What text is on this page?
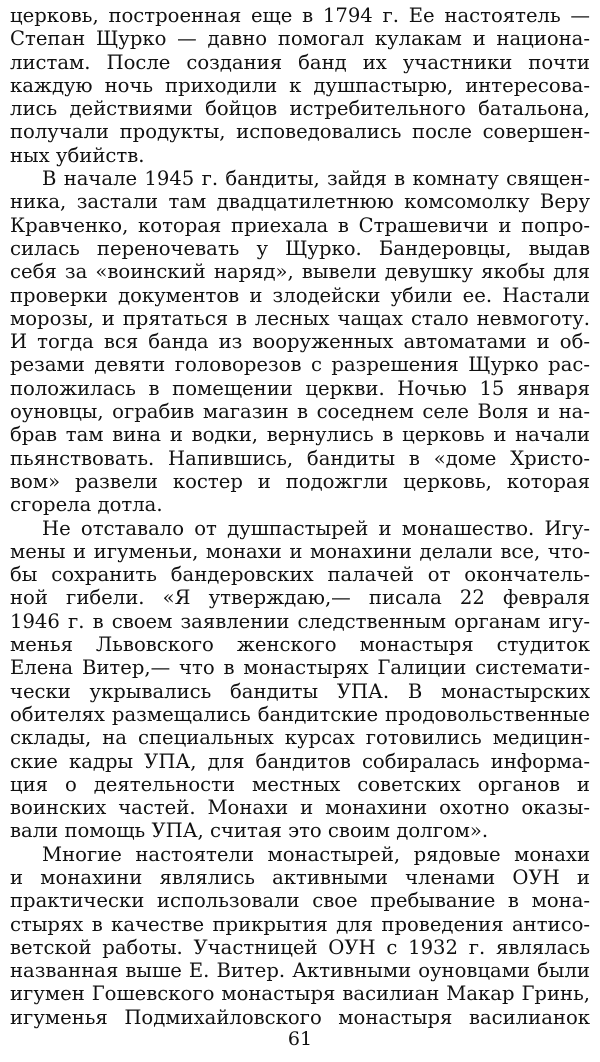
церковь, построенная еще в 1794 г. Ее настоятель —
Степан Щурко — давно помогал кулакам и национа-
листам. После создания банд их участники почти
каждую ночь приходили к душпастырю, интересова-
лись действиями бойцов истребительного батальона,
получали продукты, исповедовались после совершен-
ных убийств.
В начале 1945 г. бандиты, зайдя в комнату священ-
ника, застали там двадцатилетнюю комсомолку Веру
Кравченко, которая приехала в Страшевичи и попро-
силась переночевать у Щурко. Бандеровцы, выдав
себя за «воинский наряд», вывели девушку якобы для
проверки документов и злодейски убили ее. Настали
морозы, и прятаться в лесных чащах стало невмоготу.
И тогда вся банда из вооруженных автоматами и об-
резами девяти головорезов с разрешения Щурко рас-
положилась в помещении церкви. Ночью 15 января
оуновцы, ограбив магазин в соседнем селе Воля и на-
брав там вина и водки, вернулись в церковь и начали
пьянствовать. Напившись, бандиты в «доме Христо-
вом» развели костер и подожгли церковь, которая
сгорела дотла.
Не отставало от душпастырей и монашество. Игу-
мены и игуменьи, монахи и монахини делали все, что-
бы сохранить бандеровских палачей от окончатель-
ной гибели. «Я утверждаю,— писала 22 февраля
1946 г. в своем заявлении следственным органам игу-
менья Львовского женского монастыря студиток
Елена Витер,— что в монастырях Галиции системати-
чески укрывались бандиты УПА. В монастырских
обителях размещались бандитские продовольственные
склады, на специальных курсах готовились медицин-
ские кадры УПА, для бандитов собиралась информа-
ция о деятельности местных советских органов и
воинских частей. Монахи и монахини охотно оказы-
вали помощь УПА, считая это своим долгом».
Многие настоятели монастырей, рядовые монахи
и монахини являлись активными членами ОУН и
практически использовали свое пребывание в мона-
стырях в качестве прикрытия для проведения антисо-
ветской работы. Участницей ОУН с 1932 г. являлась
названная выше Е. Витер. Активными оуновцами были
игумен Гошевского монастыря василиан Макар Гринь,
игуменья Подмихайловского монастыря василианок
61
